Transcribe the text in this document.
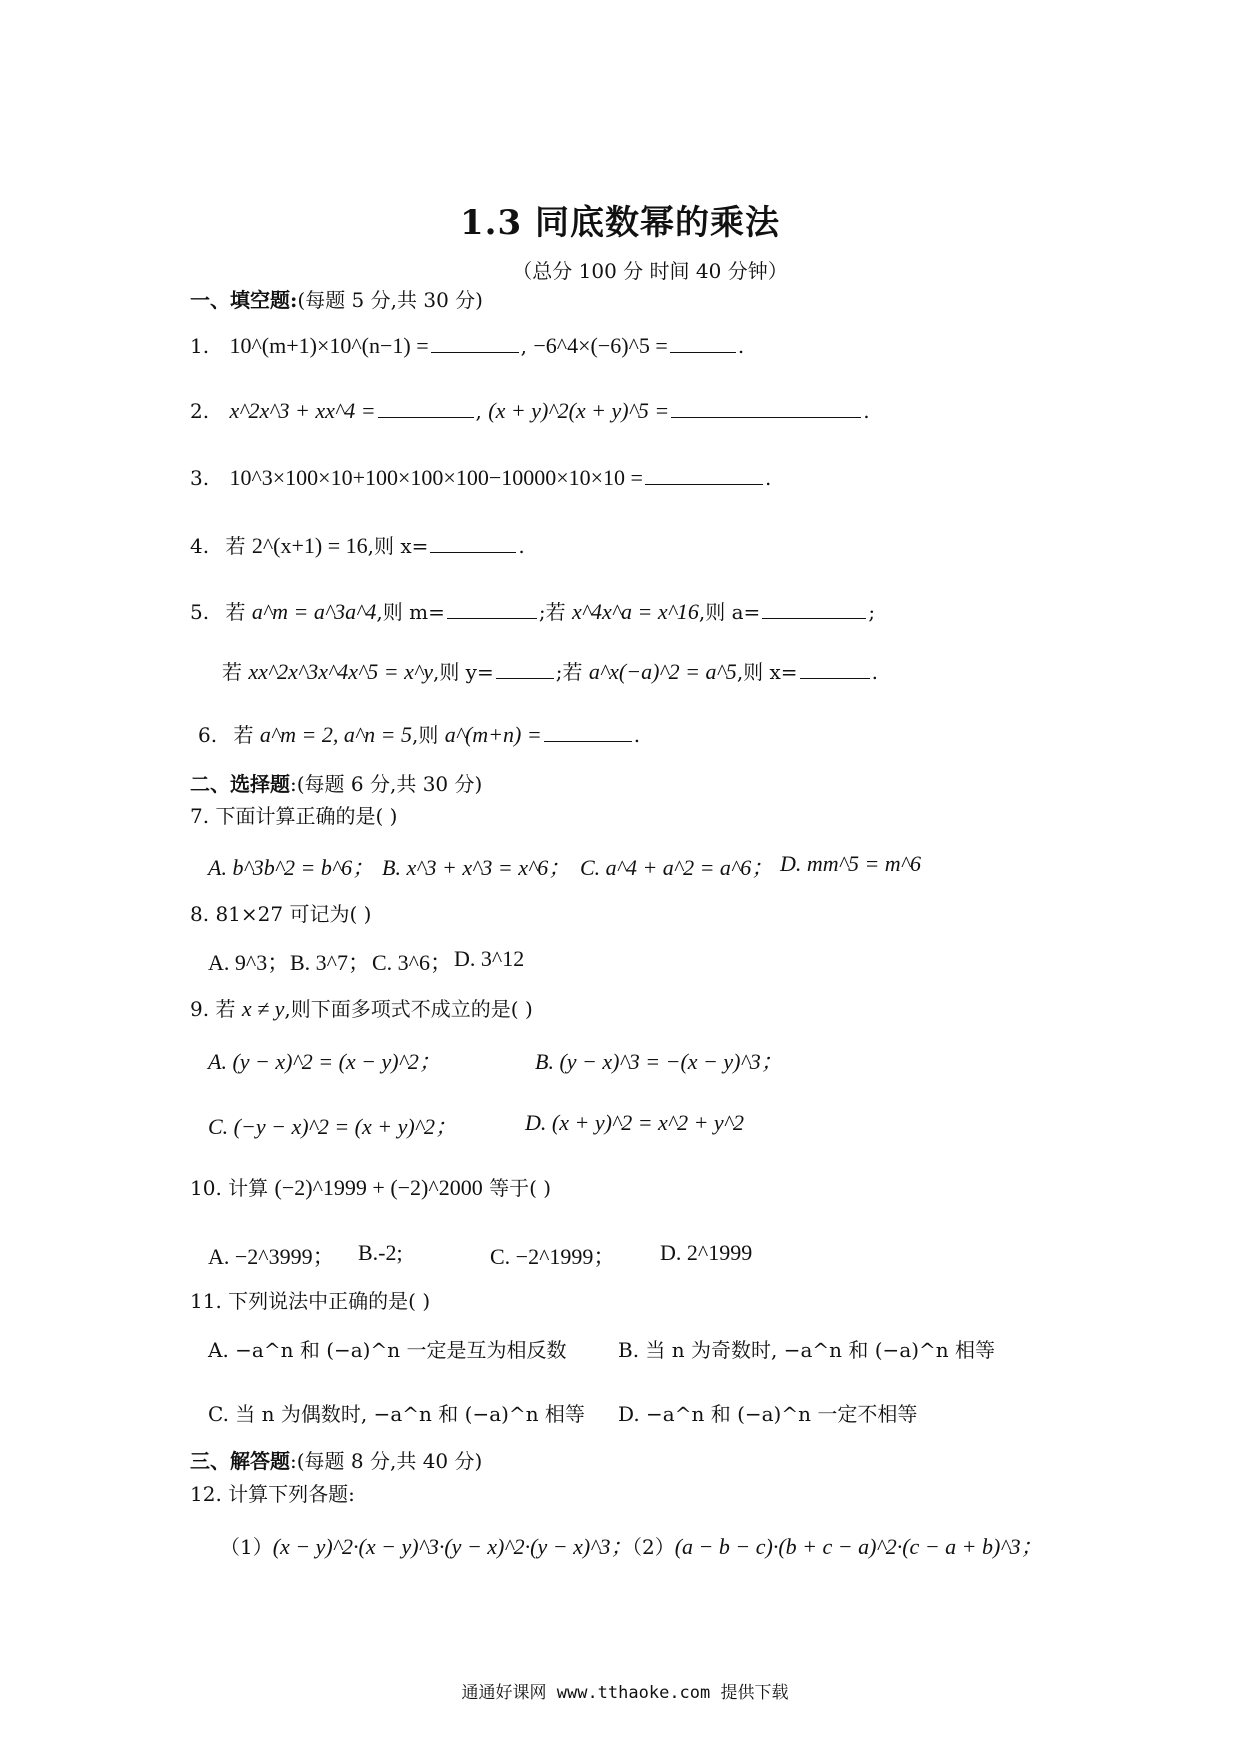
1.3 同底数幂的乘法
（总分 100 分 时间 40 分钟）
一、填空题:(每题 5 分,共 30 分)
1. 10^(m+1)×10^(n−1) =	, −6^4×(−6)^5 =	.
2. x^2x^3 + xx^4 =	, (x + y)^2(x + y)^5 =	.
3. 10^3×100×10+100×100×100−10000×10×10 =	.
4. 若 2^(x+1) = 16,则 x=	.
5. 若 a^m = a^3a^4,则 m=	;若 x^4x^a = x^16,则 a=	;
若 xx^2x^3x^4x^5 = x^y,则 y=	;若 a^x(−a)^2 = a^5,则 x=	.
6. 若 a^m = 2, a^n = 5,则 a^(m+n) =	.
二、选择题:(每题 6 分,共 30 分)
7. 下面计算正确的是( )
A. b^3b^2 = b^6； B. x^3 + x^3 = x^6； C. a^4 + a^2 = a^6； D. mm^5 = m^6
8. 81×27 可记为( )
A. 9^3； B. 3^7； C. 3^6； D. 3^12
9. 若 x ≠ y,则下面多项式不成立的是( )
A. (y − x)^2 = (x − y)^2；	B. (y − x)^3 = −(x − y)^3；
C. (−y − x)^2 = (x + y)^2；	D. (x + y)^2 = x^2 + y^2
10. 计算 (−2)^1999 + (−2)^2000 等于( )
A. −2^3999； B.-2;	C. −2^1999； D. 2^1999
11. 下列说法中正确的是( )
A. −a^n 和 (−a)^n 一定是互为相反数	B. 当 n 为奇数时, −a^n 和 (−a)^n 相等
C. 当 n 为偶数时, −a^n 和 (−a)^n 相等 D. −a^n 和 (−a)^n 一定不相等
三、解答题:(每题 8 分,共 40 分)
12. 计算下列各题:
（1）(x − y)^2·(x − y)^3·(y − x)^2·(y − x)^3；
（2）(a − b − c)·(b + c − a)^2·(c − a + b)^3；
通通好课网 www.tthaoke.com 提供下载
